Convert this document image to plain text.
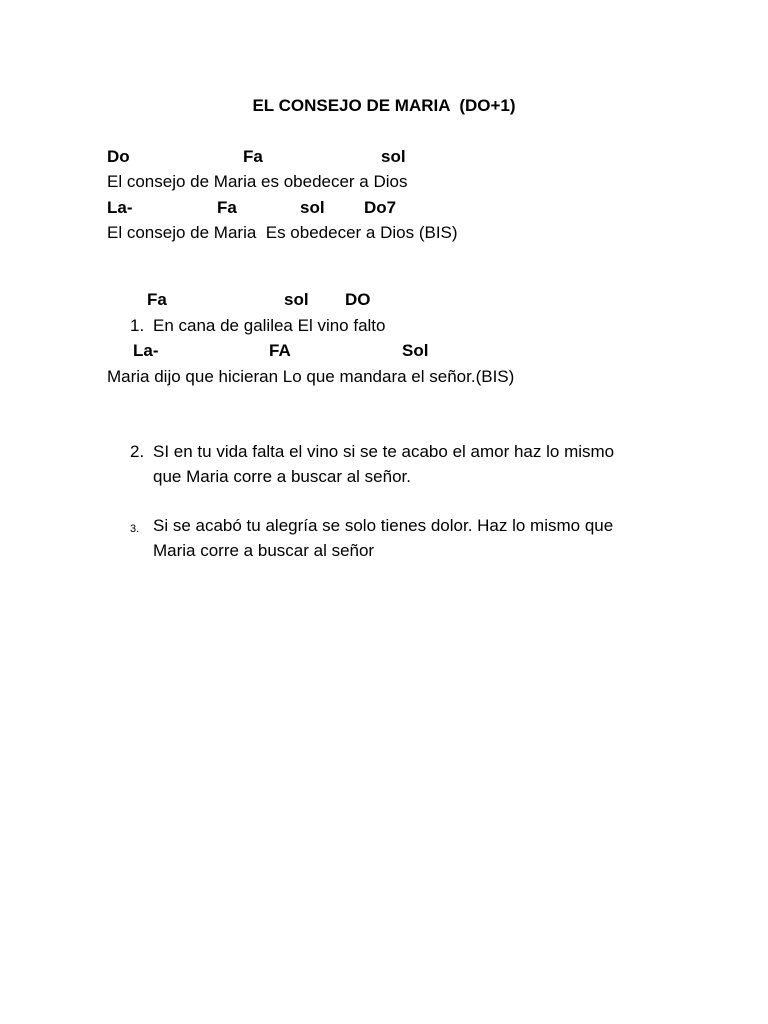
EL CONSEJO DE MARIA  (DO+1)
Do	Fa	sol
El consejo de Maria es obedecer a Dios
La-	Fa	sol Do7
El consejo de Maria  Es obedecer a Dios (BIS)
Fa	sol DO
1. En cana de galilea El vino falto
La-	FA	Sol
Maria dijo que hicieran Lo que mandara el señor.(BIS)
2. SI en tu vida falta el vino si se te acabo el amor haz lo mismo
que Maria corre a buscar al señor.
3. Si se acabó tu alegría se solo tienes dolor. Haz lo mismo que
Maria corre a buscar al señor
